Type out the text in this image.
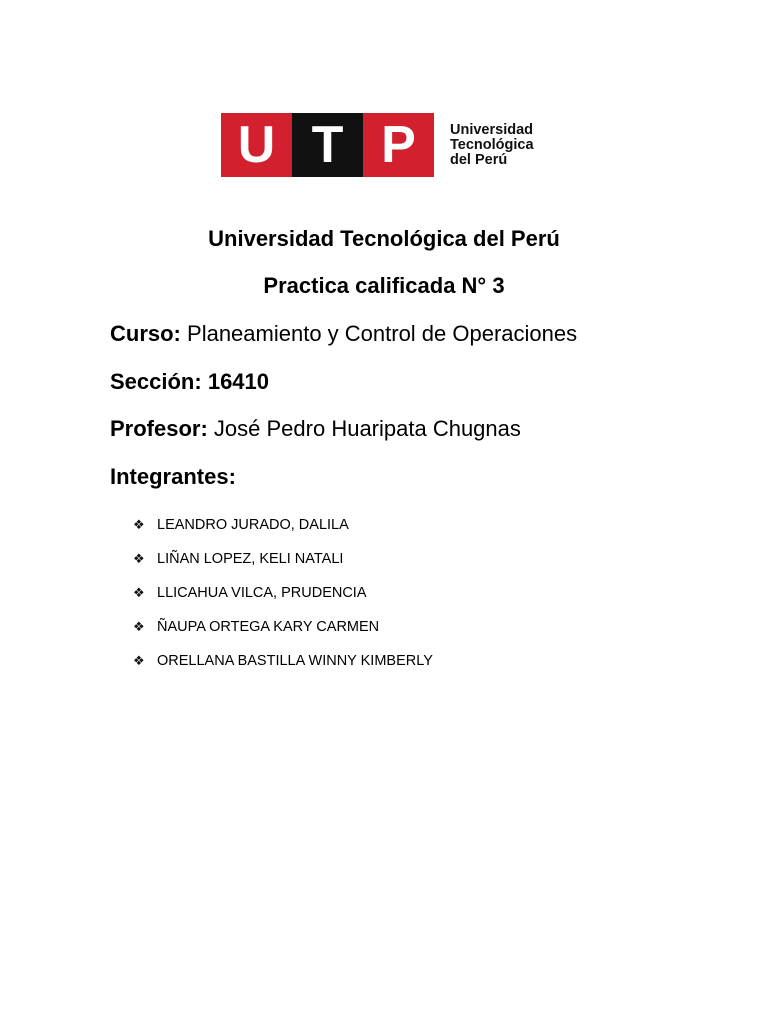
U T P	Universidad
Tecnológica
del Perú
Universidad Tecnológica del Perú
Practica calificada N° 3
Curso: Planeamiento y Control de Operaciones
Sección: 16410
Profesor: José Pedro Huaripata Chugnas
Integrantes:
❖ LEANDRO JURADO, DALILA
❖ LIÑAN LOPEZ, KELI NATALI
❖ LLICAHUA VILCA, PRUDENCIA
❖ ÑAUPA ORTEGA KARY CARMEN
❖ ORELLANA BASTILLA WINNY KIMBERLY
